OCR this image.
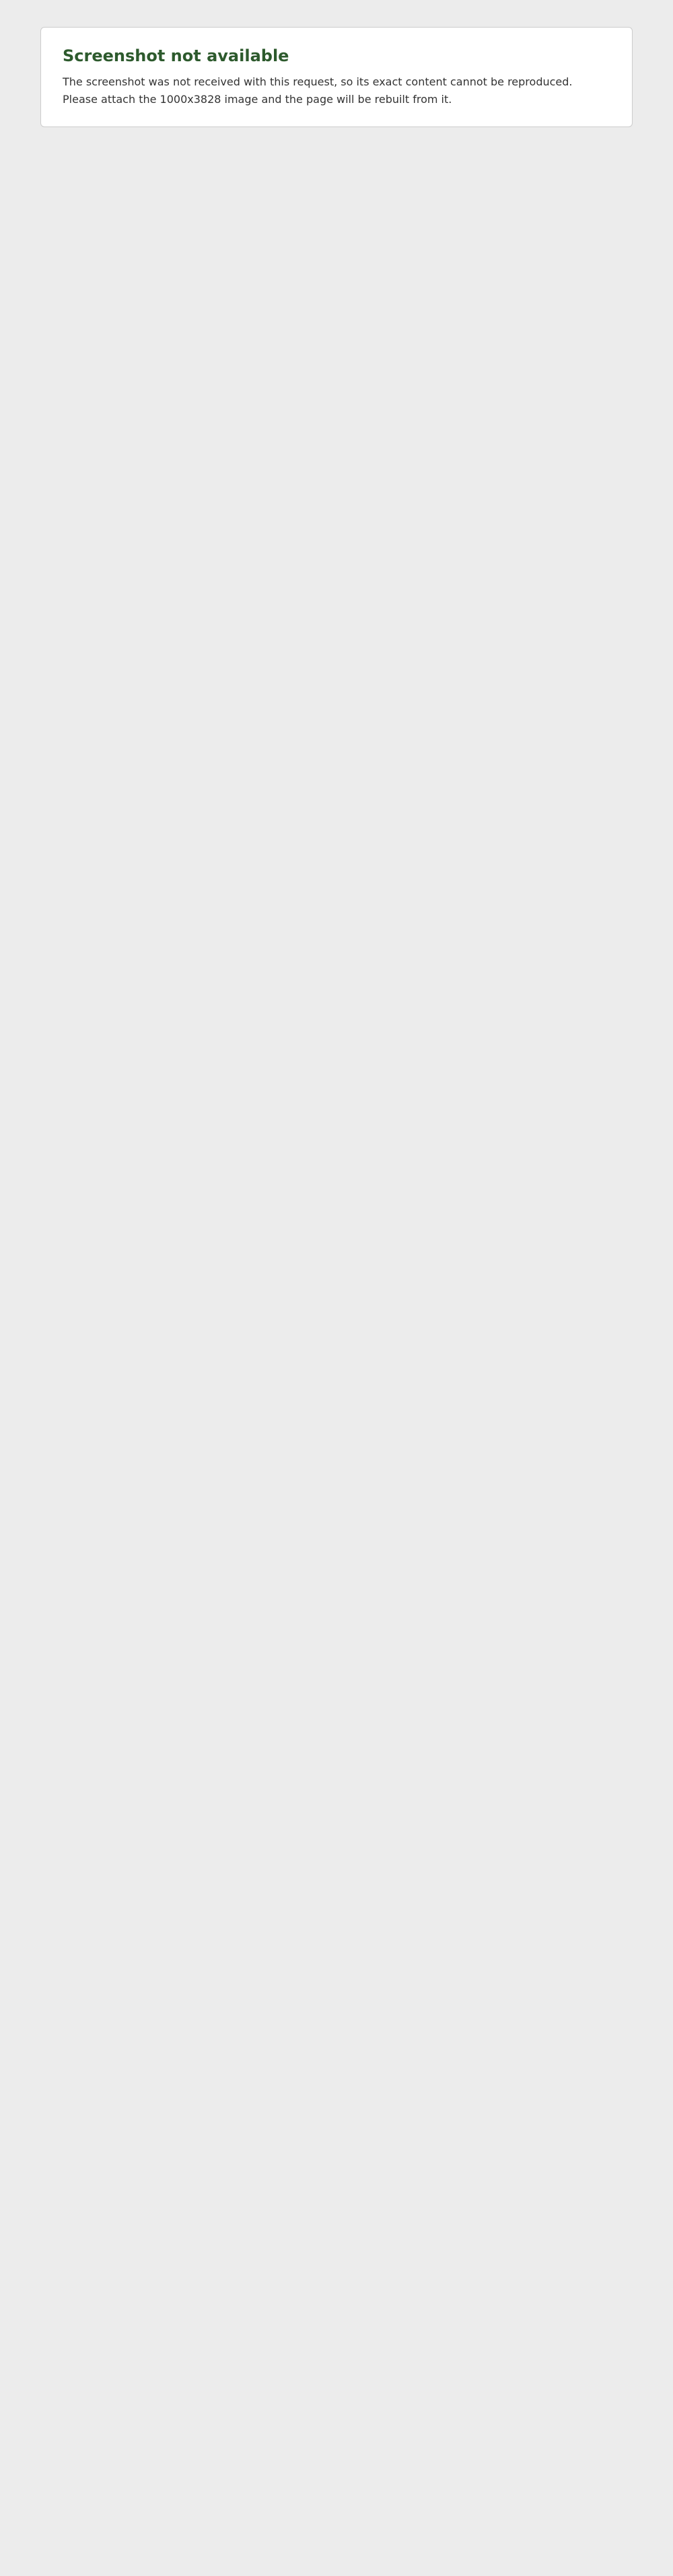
Screenshot not available

The screenshot was not received with this request, so its exact content cannot be reproduced. Please attach the 1000x3828 image and the page will be rebuilt from it.
